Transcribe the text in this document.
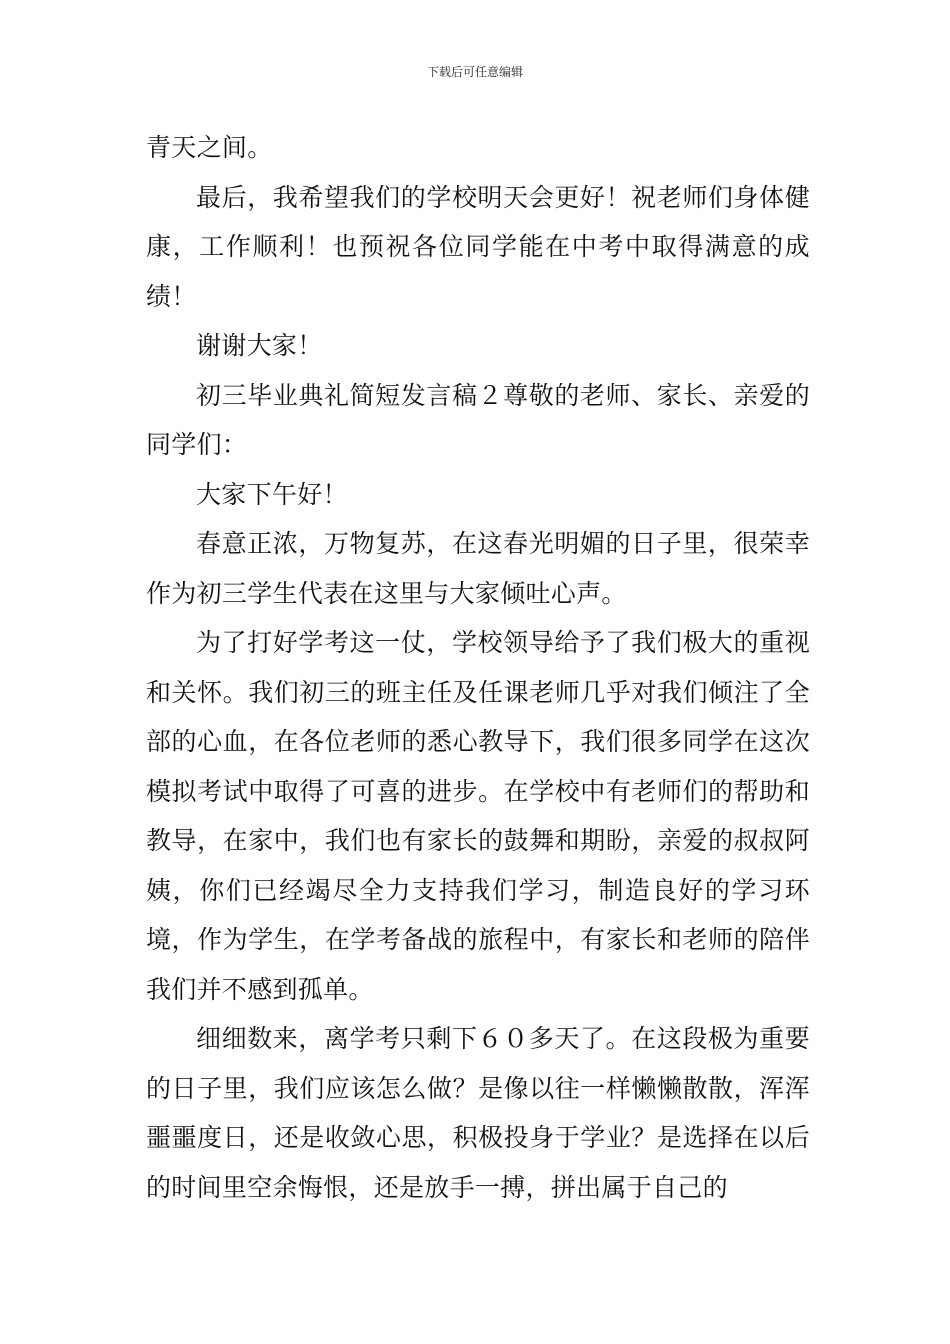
下载后可任意编辑

青天之间。

最后，我希望我们的学校明天会更好！祝老师们身体健康，工作顺利！也预祝各位同学能在中考中取得满意的成绩！

谢谢大家！

初三毕业典礼简短发言稿２尊敬的老师、家长、亲爱的同学们：

大家下午好！

春意正浓，万物复苏，在这春光明媚的日子里，很荣幸作为初三学生代表在这里与大家倾吐心声。

为了打好学考这一仗，学校领导给予了我们极大的重视和关怀。我们初三的班主任及任课老师几乎对我们倾注了全部的心血，在各位老师的悉心教导下，我们很多同学在这次模拟考试中取得了可喜的进步。在学校中有老师们的帮助和教导，在家中，我们也有家长的鼓舞和期盼，亲爱的叔叔阿姨，你们已经竭尽全力支持我们学习，制造良好的学习环境，作为学生，在学考备战的旅程中，有家长和老师的陪伴我们并不感到孤单。

细细数来，离学考只剩下６０多天了。在这段极为重要的日子里，我们应该怎么做？是像以往一样懒懒散散，浑浑噩噩度日，还是收敛心思，积极投身于学业？是选择在以后的时间里空余悔恨，还是放手一搏，拼出属于自己的
